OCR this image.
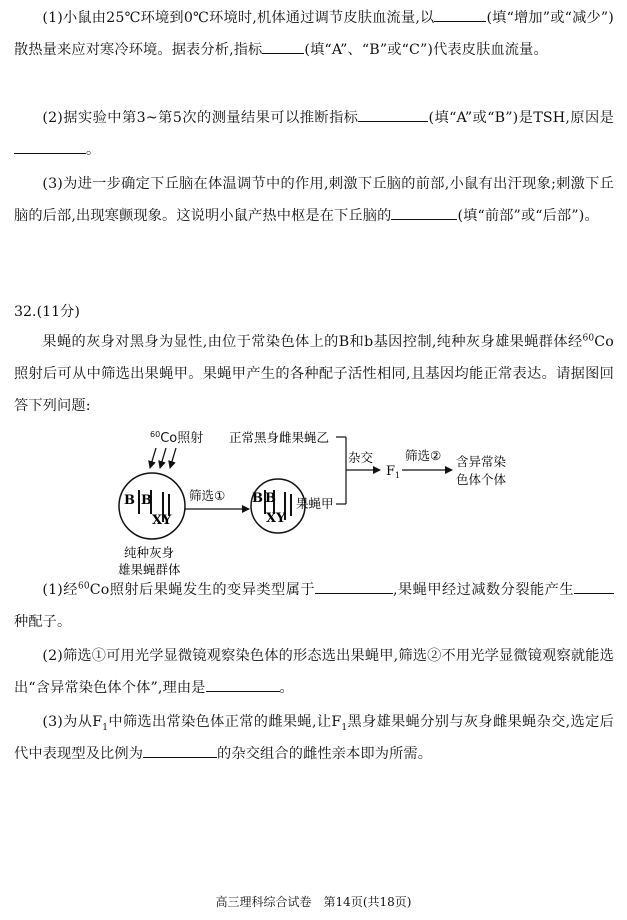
(1)小鼠由25℃环境到0℃环境时,机体通过调节皮肤血流量,以	(填“增加”或“减少”)散热量来应对寒冷环境。据表分析,指标	(填“A”、“B”或“C”)代表皮肤血流量。

(2)据实验中第3~第5次的测量结果可以推断指标	(填“A”或“B”)是TSH,原因是。

(3)为进一步确定下丘脑在体温调节中的作用,刺激下丘脑的前部,小鼠有出汗现象;刺激下丘脑的后部,出现寒颤现象。这说明小鼠产热中枢是在下丘脑的	(填“前部”或“后部”)。

32.(11分)

果蝇的灰身对黑身为显性,由位于常染色体上的B和b基因控制,纯种灰身雄果蝇群体经$^{60}$Co照射后可从中筛选出果蝇甲。果蝇甲产生的各种配子活性相同,且基因均能正常表达。请据图回答下列问题:

$^{60}$Co照射
B B
XY
纯种灰身
雄果蝇群体
筛选① B B
XY
正常黑身雌果蝇乙
果蝇甲
杂交
$F_1$
筛选② 含异常染
色体个体

(1)经$^{60}$Co照射后果蝇发生的变异类型属于	,果蝇甲经过减数分裂能产生种配子。

(2)筛选①可用光学显微镜观察染色体的形态选出果蝇甲,筛选②不用光学显微镜观察就能选出“含异常染色体个体”,理由是	。

(3)为从$F_1$中筛选出常染色体正常的雌果蝇,让$F_1$黑身雄果蝇分别与灰身雌果蝇杂交,选定后代中表现型及比例为	的杂交组合的雌性亲本即为所需。

高三理科综合试卷　第14页(共18页)
